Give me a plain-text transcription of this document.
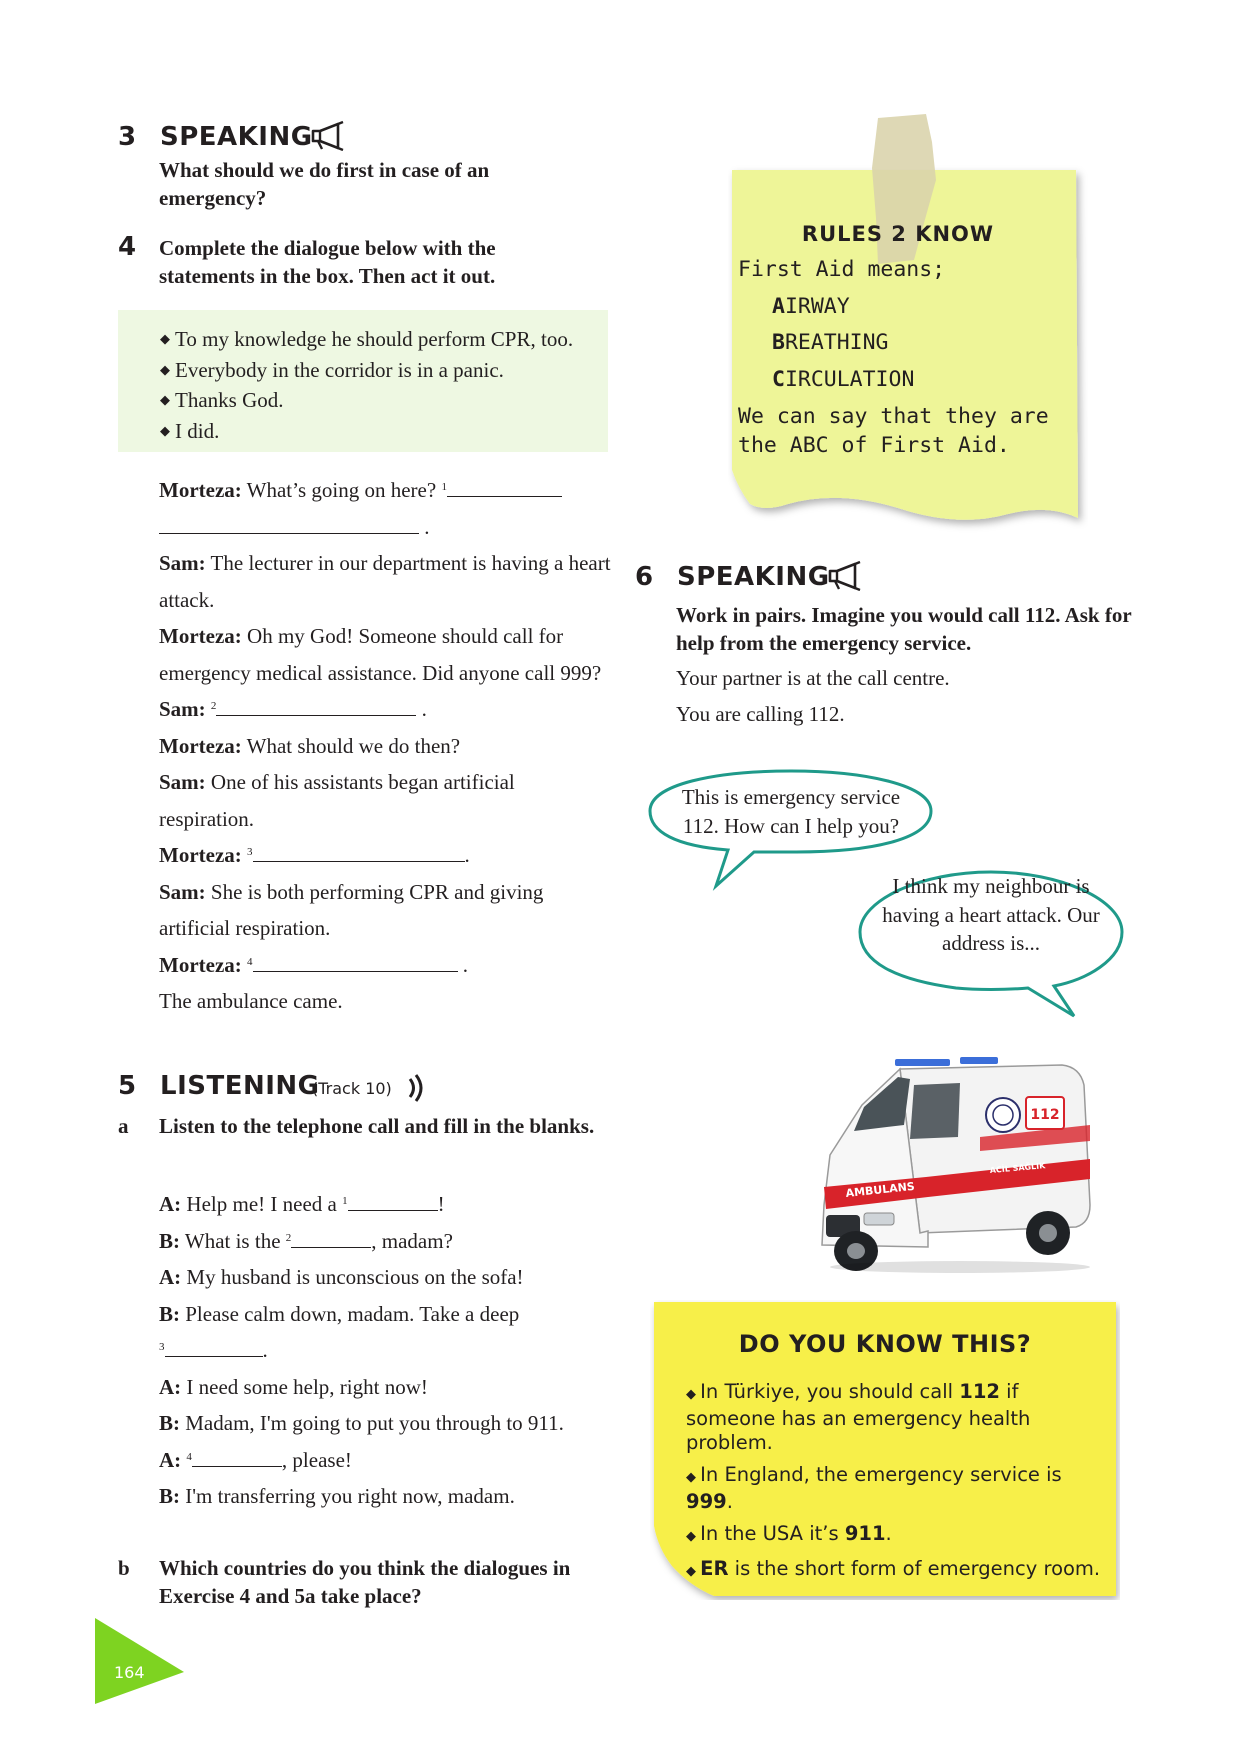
3 SPEAKING
What should we do first in case of an emergency?
4 Complete the dialogue below with the statements in the box. Then act it out.
◆ To my knowledge he should perform CPR, too.
◆ Everybody in the corridor is in a panic.
◆ Thanks God.
◆ I did.
Morteza: What’s going on here? $^1$
.
Sam: The lecturer in our department is having a heart attack.
Morteza: Oh my God! Someone should call for emergency medical assistance. Did anyone call 999?
Sam: $^2$	.
Morteza: What should we do then?
Sam: One of his assistants began artificial respiration.
Morteza: $^3$	.
Sam: She is both performing CPR and giving artificial respiration.
Morteza: $^4$	.
The ambulance came.
5 LISTENING
(Track 10)
a Listen to the telephone call and fill in the blanks.
A: Help me! I need a $^1$	!
B: What is the $^2$	, madam?
A: My husband is unconscious on the sofa!
B: Please calm down, madam. Take a deep
$^3$	.
A: I need some help, right now!
B: Madam, I'm going to put you through to 911.
A: $^4$	, please!
B: I'm transferring you right now, madam.
b Which countries do you think the dialogues in Exercise 4 and 5a take place?
RULES 2 KNOW
First Aid means;
AIRWAY
BREATHING
CIRCULATION
We can say that they are the ABC of First Aid.
6 SPEAKING
Work in pairs. Imagine you would call 112. Ask for help from the emergency service.
Your partner is at the call centre.
You are calling 112.
This is emergency service 112. How can I help you?
I think my neighbour is having a heart attack. Our address is...
112
AMBULANS
ACİL SAĞLIK
DO YOU KNOW THIS?
◆ In Türkiye, you should call 112 if someone has an emergency health problem.
◆ In England, the emergency service is 999.
◆ In the USA it’s 911.
◆ ER is the short form of emergency room.
164
